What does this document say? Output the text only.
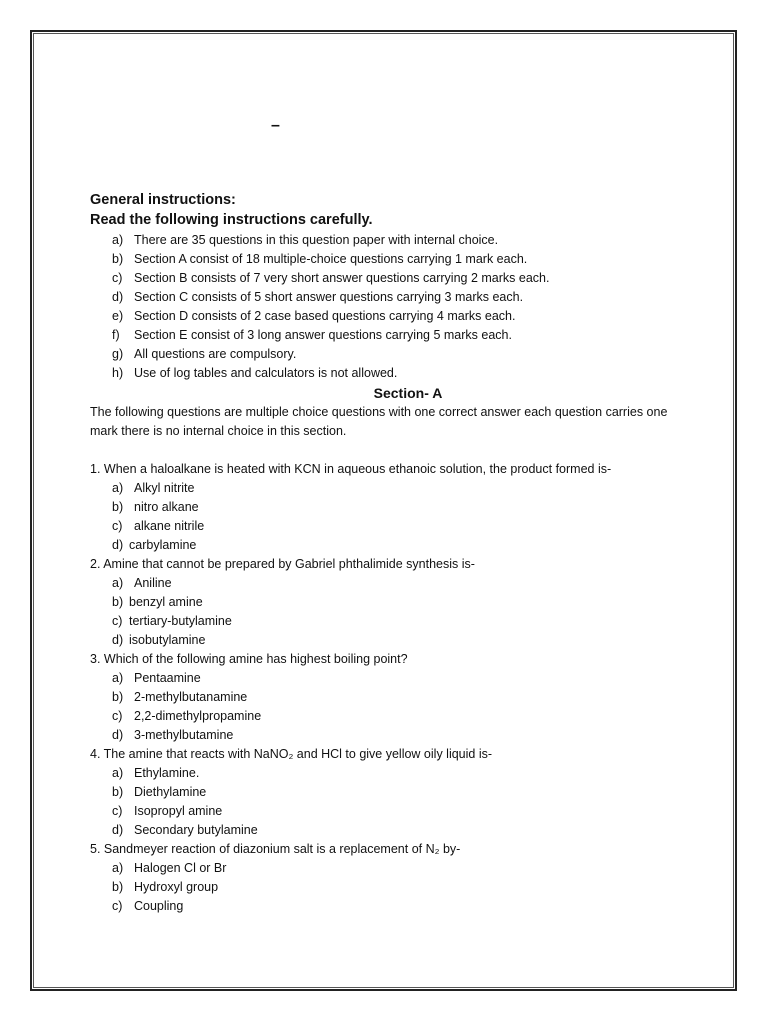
–

General instructions:

Read the following instructions carefully.

a) There are 35 questions in this question paper with internal choice.
b) Section A consist of 18 multiple-choice questions carrying 1 mark each.
c) Section B consists of 7 very short answer questions carrying 2 marks each.
d) Section C consists of 5 short answer questions carrying 3 marks each.
e) Section D consists of 2 case based questions carrying 4 marks each.
f) Section E consist of 3 long answer questions carrying 5 marks each.
g) All questions are compulsory.
h) Use of log tables and calculators is not allowed.

Section- A

The following questions are multiple choice questions with one correct answer each question carries one mark there is no internal choice in this section.

1. When a haloalkane is heated with KCN in aqueous ethanoic solution, the product formed is-

a) Alkyl nitrite
b) nitro alkane
c) alkane nitrile
d) carbylamine

2. Amine that cannot be prepared by Gabriel phthalimide synthesis is-

a) Aniline
b) benzyl amine
c) tertiary-butylamine
d) isobutylamine

3. Which of the following amine has highest boiling point?

a) Pentaamine
b) 2-methylbutanamine
c) 2,2-dimethylpropamine
d) 3-methylbutamine

4. The amine that reacts with NaNO₂ and HCl to give yellow oily liquid is-

a) Ethylamine.
b) Diethylamine
c) Isopropyl amine
d) Secondary butylamine

5. Sandmeyer reaction of diazonium salt is a replacement of N₂ by-

a) Halogen Cl or Br
b) Hydroxyl group
c) Coupling
